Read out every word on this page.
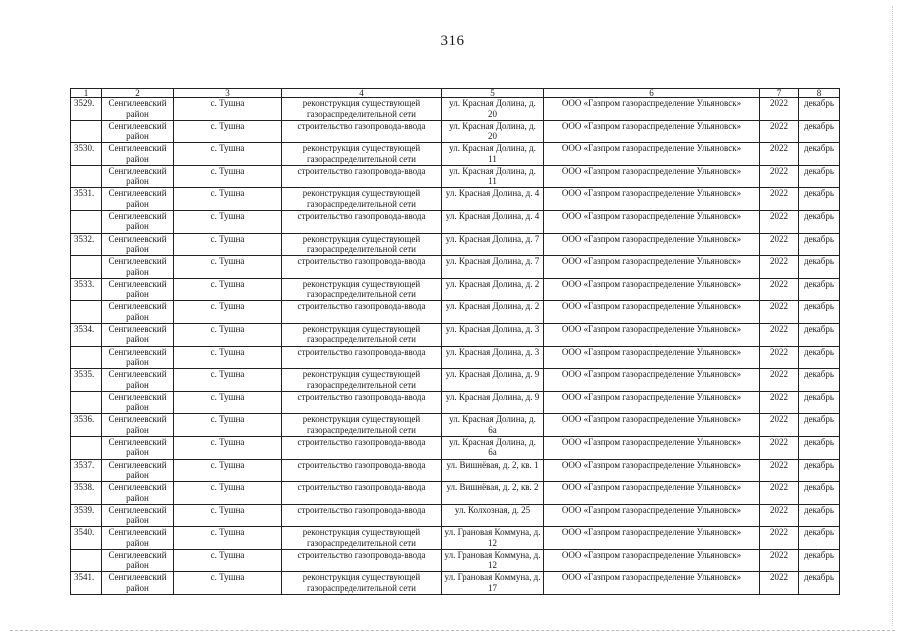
316
1	2	3	4	5	6	7	8
3529.	Сенгилеевский район	с. Тушна	реконструкция существующей газораспределительной сети	ул. Красная Долина, д. 20	ООО «Газпром газораспределение Ульяновск»	2022	декабрь
	Сенгилеевский район	с. Тушна	строительство газопровода-ввода	ул. Красная Долина, д. 20	ООО «Газпром газораспределение Ульяновск»	2022	декабрь
3530.	Сенгилеевский район	с. Тушна	реконструкция существующей газораспределительной сети	ул. Красная Долина, д. 11	ООО «Газпром газораспределение Ульяновск»	2022	декабрь
	Сенгилеевский район	с. Тушна	строительство газопровода-ввода	ул. Красная Долина, д. 11	ООО «Газпром газораспределение Ульяновск»	2022	декабрь
3531.	Сенгилеевский район	с. Тушна	реконструкция существующей газораспределительной сети	ул. Красная Долина, д. 4	ООО «Газпром газораспределение Ульяновск»	2022	декабрь
	Сенгилеевский район	с. Тушна	строительство газопровода-ввода	ул. Красная Долина, д. 4	ООО «Газпром газораспределение Ульяновск»	2022	декабрь
3532.	Сенгилеевский район	с. Тушна	реконструкция существующей газораспределительной сети	ул. Красная Долина, д. 7	ООО «Газпром газораспределение Ульяновск»	2022	декабрь
	Сенгилеевский район	с. Тушна	строительство газопровода-ввода	ул. Красная Долина, д. 7	ООО «Газпром газораспределение Ульяновск»	2022	декабрь
3533.	Сенгилеевский район	с. Тушна	реконструкция существующей газораспределительной сети	ул. Красная Долина, д. 2	ООО «Газпром газораспределение Ульяновск»	2022	декабрь
	Сенгилеевский район	с. Тушна	строительство газопровода-ввода	ул. Красная Долина, д. 2	ООО «Газпром газораспределение Ульяновск»	2022	декабрь
3534.	Сенгилеевский район	с. Тушна	реконструкция существующей газораспределительной сети	ул. Красная Долина, д. 3	ООО «Газпром газораспределение Ульяновск»	2022	декабрь
	Сенгилеевский район	с. Тушна	строительство газопровода-ввода	ул. Красная Долина, д. 3	ООО «Газпром газораспределение Ульяновск»	2022	декабрь
3535.	Сенгилеевский район	с. Тушна	реконструкция существующей газораспределительной сети	ул. Красная Долина, д. 9	ООО «Газпром газораспределение Ульяновск»	2022	декабрь
	Сенгилеевский район	с. Тушна	строительство газопровода-ввода	ул. Красная Долина, д. 9	ООО «Газпром газораспределение Ульяновск»	2022	декабрь
3536.	Сенгилеевский район	с. Тушна	реконструкция существующей газораспределительной сети	ул. Красная Долина, д. 6а	ООО «Газпром газораспределение Ульяновск»	2022	декабрь
	Сенгилеевский район	с. Тушна	строительство газопровода-ввода	ул. Красная Долина, д. 6а	ООО «Газпром газораспределение Ульяновск»	2022	декабрь
3537.	Сенгилеевский район	с. Тушна	строительство газопровода-ввода	ул. Вишнёвая, д. 2, кв. 1	ООО «Газпром газораспределение Ульяновск»	2022	декабрь
3538.	Сенгилеевский район	с. Тушна	строительство газопровода-ввода	ул. Вишнёвая, д. 2, кв. 2	ООО «Газпром газораспределение Ульяновск»	2022	декабрь
3539.	Сенгилеевский район	с. Тушна	строительство газопровода-ввода	ул. Колхозная, д. 25	ООО «Газпром газораспределение Ульяновск»	2022	декабрь
3540.	Сенгилеевский район	с. Тушна	реконструкция существующей газораспределительной сети	ул. Грановая Коммуна, д. 12	ООО «Газпром газораспределение Ульяновск»	2022	декабрь
	Сенгилеевский район	с. Тушна	строительство газопровода-ввода	ул. Грановая Коммуна, д. 12	ООО «Газпром газораспределение Ульяновск»	2022	декабрь
3541.	Сенгилеевский район	с. Тушна	реконструкция существующей газораспределительной сети	ул. Грановая Коммуна, д. 17	ООО «Газпром газораспределение Ульяновск»	2022	декабрь
